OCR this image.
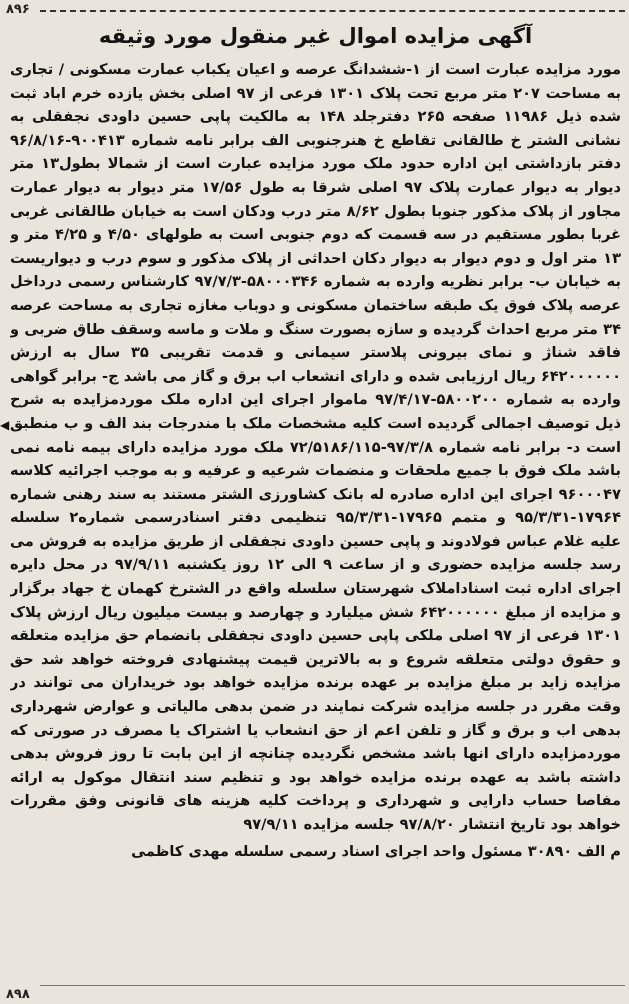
۸۹۶
◀
آگهی مزایده اموال غیر منقول مورد وثیقه

مورد مزایده عبارت است از ۱-ششدانگ عرصه و اعیان یکباب عمارت مسکونی / تجاری به مساحت ۲۰۷ متر مربع تحت پلاک ۱۳۰۱ فرعی از ۹۷ اصلی بخش یازده خرم اباد ثبت شده ذیل ۱۱۹۸۶ صفحه ۲۶۵ دفترجلد ۱۴۸ به مالکیت پاپی حسین داودی نجفقلی به نشانی الشتر خ طالقانی تقاطع خ هنرجنوبی الف برابر نامه شماره ۹۰۰۴۱۳-۹۶/۸/۱۶ دفتر بازداشتی این اداره حدود ملک مورد مزایده عبارت است از شمالا بطول۱۳ متر دیوار به دیوار عمارت پلاک ۹۷ اصلی شرقا به طول ۱۷/۵۶ متر دیوار به دیوار عمارت مجاور از پلاک مذکور جنوبا بطول ۸/۶۲ متر درب ودکان است به خیابان طالقانی غربی غربا بطور مستقیم در سه قسمت که دوم جنوبی است به طولهای ۴/۵۰ و ۴/۲۵ متر و ۱۳ متر اول و دوم دیوار به دیوار دکان احداثی از پلاک مذکور و سوم درب و دیواریست به خیابان ب- برابر نظریه وارده به شماره ۵۸۰۰۰۳۴۶-۹۷/۷/۳ کارشناس رسمی درداخل عرصه پلاک فوق یک طبقه ساختمان مسکونی و دوباب مغازه تجاری به مساحت عرصه ۳۴ متر مربع احداث گردیده و سازه بصورت سنگ و ملات و ماسه وسقف طاق ضربی و فاقد شناژ و نمای بیرونی پلاستر سیمانی و قدمت تقریبی ۳۵ سال به ارزش ۶۴۲۰۰۰۰۰۰ ریال ارزیابی شده و دارای انشعاب اب برق و گاز می باشد ج- برابر گواهی وارده به شماره ۵۸۰۰۲۰۰-۹۷/۴/۱۷ ماموار اجرای این اداره ملک موردمزایده به شرح ذیل توصیف اجمالی گردیده است کلیه مشخصات ملک با مندرجات بند الف و ب منطبق است د- برابر نامه شماره ۹۷/۳/۸-۷۲/۵۱۸۶/۱۱۵ ملک مورد مزایده دارای بیمه نامه نمی باشد ملک فوق با جمیع ملحقات و منضمات شرعیه و عرفیه و به موجب اجرائیه کلاسه ۹۶۰۰۰۴۷ اجرای این اداره صادره له بانک کشاورزی الشتر مستند به سند رهنی شماره ۱۷۹۶۴-۹۵/۳/۳۱ و متمم ۱۷۹۶۵-۹۵/۳/۳۱ تنظیمی دفتر اسنادرسمی شماره۲ سلسله علیه غلام عباس فولادوند و پاپی حسین داودی نجفقلی از طریق مزایده به فروش می رسد جلسه مزایده حضوری و از ساعت ۹ الی ۱۲ روز یکشنبه ۹۷/۹/۱۱ در محل دایره اجرای اداره ثبت اسناداملاک شهرستان سلسله واقع در الشترخ کهمان خ جهاد برگزار و مزایده از مبلغ ۶۴۲۰۰۰۰۰۰ شش میلیارد و چهارصد و بیست میلیون ریال ارزش پلاک ۱۳۰۱ فرعی از ۹۷ اصلی ملکی پاپی حسین داودی نجفقلی بانضمام حق مزایده متعلقه و حقوق دولتی متعلقه شروع و به بالاترین قیمت پیشنهادی فروخته خواهد شد حق مزایده زاید بر مبلغ مزایده بر عهده برنده مزایده خواهد بود خریداران می توانند در وقت مقرر در جلسه مزایده شرکت نمایند در ضمن بدهی مالیاتی و عوارض شهرداری بدهی اب و برق و گاز و تلفن اعم از حق انشعاب یا اشتراک یا مصرف در صورتی که موردمزایده دارای انها باشد مشخص نگردیده چنانچه از این بابت تا روز فروش بدهی داشته باشد به عهده برنده مزایده خواهد بود و تنظیم سند انتقال موکول به ارائه مفاصا حساب دارایی و شهرداری و پرداخت کلیه هزینه های قانونی وفق مقررات خواهد بود تاریخ انتشار ۹۷/۸/۲۰ جلسه مزایده ۹۷/۹/۱۱

م الف ۳۰۸۹۰ مسئول واحد اجرای اسناد رسمی سلسله مهدی کاظمی
۸۹۸
